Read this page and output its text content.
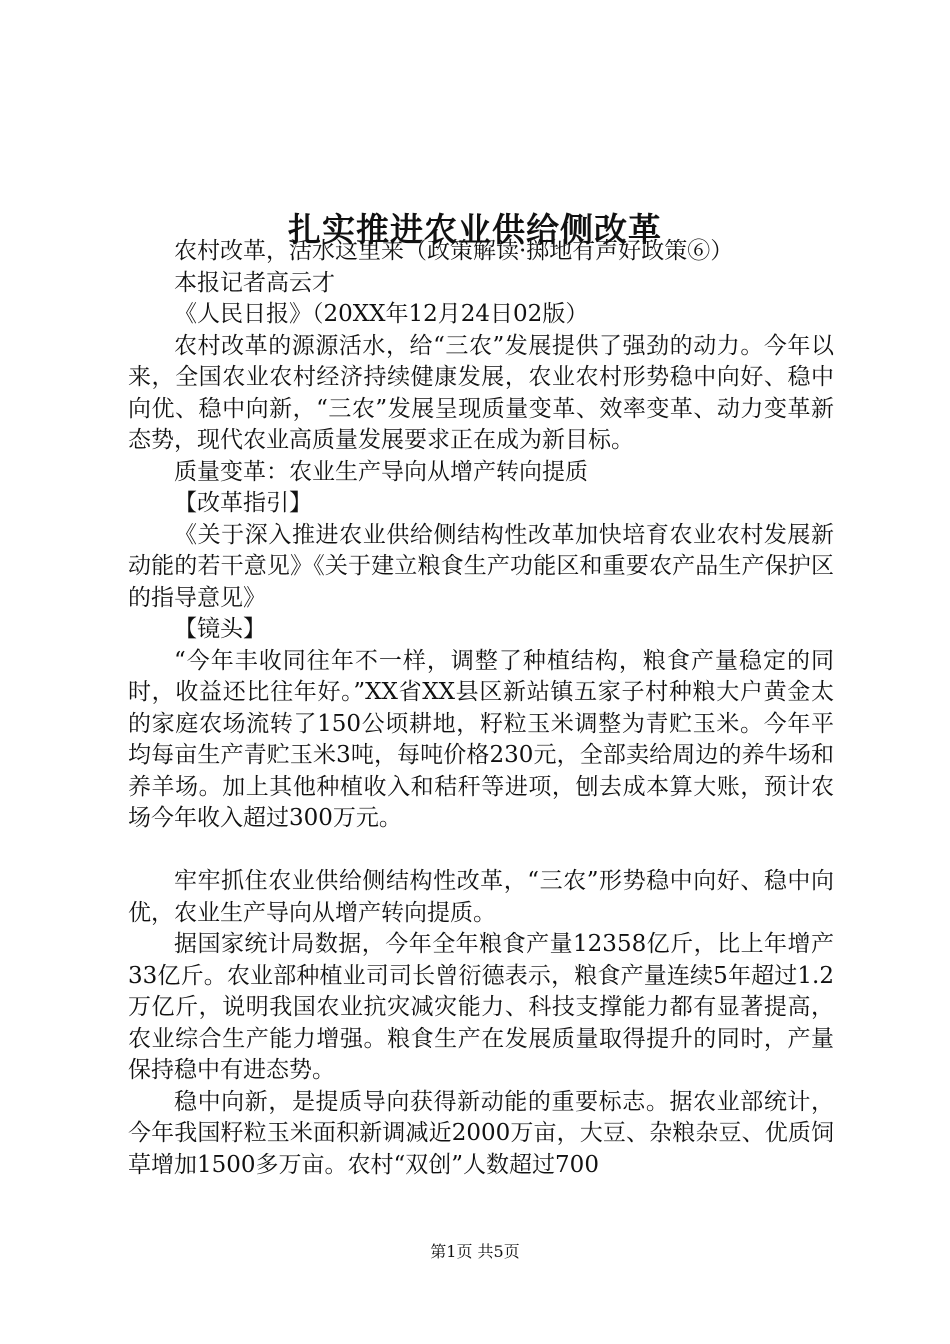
扎实推进农业供给侧改革

农村改革，活水这里来（政策解读·掷地有声好政策⑥）

本报记者高云才

《人民日报》（20XX年12月24日02版）

农村改革的源源活水，给“三农”发展提供了强劲的动力。今年以来，全国农业农村经济持续健康发展，农业农村形势稳中向好、稳中向优、稳中向新，“三农”发展呈现质量变革、效率变革、动力变革新态势，现代农业高质量发展要求正在成为新目标。

质量变革：农业生产导向从增产转向提质

【改革指引】

《关于深入推进农业供给侧结构性改革加快培育农业农村发展新动能的若干意见》《关于建立粮食生产功能区和重要农产品生产保护区的指导意见》

【镜头】

“今年丰收同往年不一样，调整了种植结构，粮食产量稳定的同时，收益还比往年好。”XX省XX县区新站镇五家子村种粮大户黄金太的家庭农场流转了150公顷耕地，籽粒玉米调整为青贮玉米。今年平均每亩生产青贮玉米3吨，每吨价格230元，全部卖给周边的养牛场和养羊场。加上其他种植收入和秸秆等进项，刨去成本算大账，预计农场今年收入超过300万元。

牢牢抓住农业供给侧结构性改革，“三农”形势稳中向好、稳中向优，农业生产导向从增产转向提质。

据国家统计局数据，今年全年粮食产量12358亿斤，比上年增产33亿斤。农业部种植业司司长曾衍德表示，粮食产量连续5年超过1.2万亿斤，说明我国农业抗灾减灾能力、科技支撑能力都有显著提高，农业综合生产能力增强。粮食生产在发展质量取得提升的同时，产量保持稳中有进态势。

稳中向新，是提质导向获得新动能的重要标志。据农业部统计，今年我国籽粒玉米面积新调减近2000万亩，大豆、杂粮杂豆、优质饲草增加1500多万亩。农村“双创”人数超过700

第1页 共5页
